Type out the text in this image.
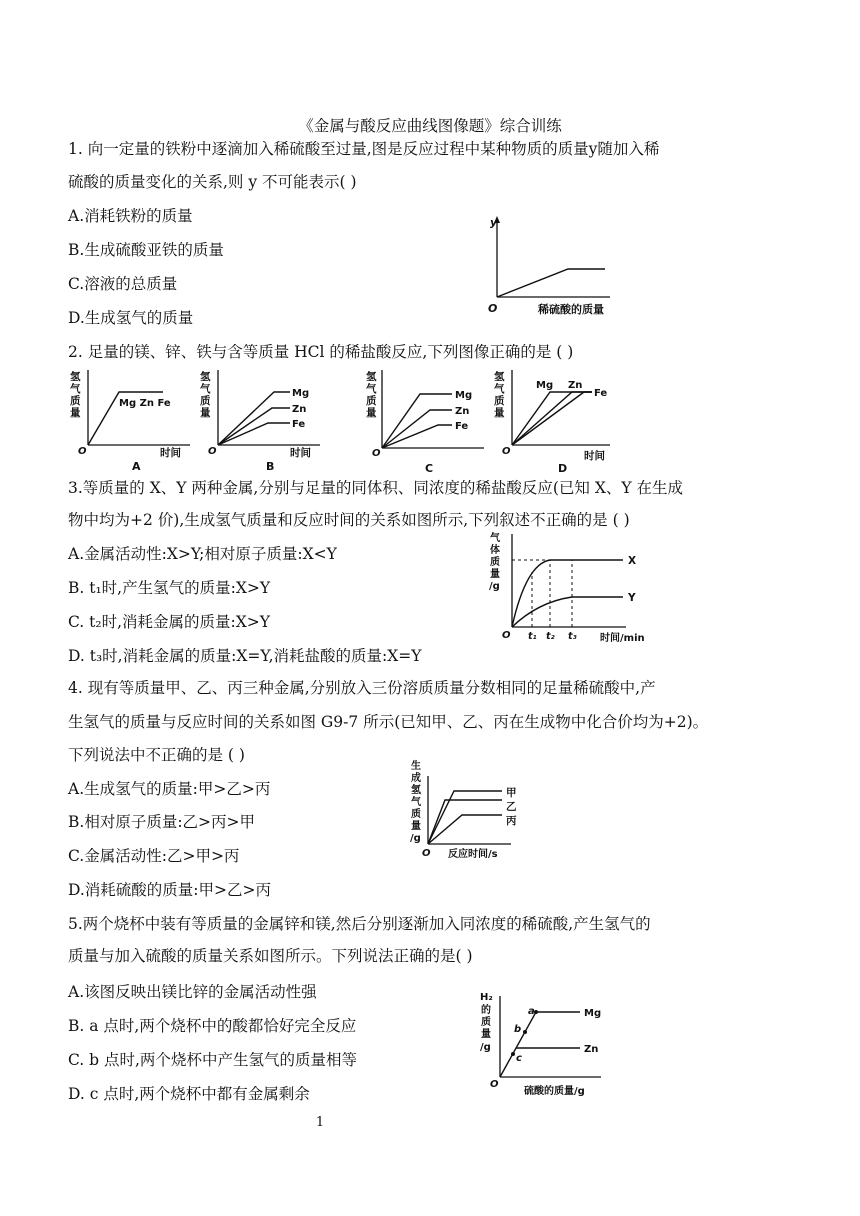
《金属与酸反应曲线图像题》综合训练
1. 向一定量的铁粉中逐滴加入稀硫酸至过量,图是反应过程中某种物质的质量y随加入稀
硫酸的质量变化的关系,则 y 不可能表示( )
A.消耗铁粉的质量
B.生成硫酸亚铁的质量
C.溶液的总质量
D.生成氢气的质量
y
O	稀硫酸的质量
2. 足量的镁、锌、铁与含等质量 HCl 的稀盐酸反应,下列图像正确的是 ( )
氢
气
质
量
Mg Zn Fe
O	时间
A
氢
气
质
量
Mg
Zn
Fe
O	时间
B
氢
气
质
量
Mg
Zn
Fe
O
C
氢
气
质
量
Mg Zn
Fe
O	时间
D
3.等质量的 X、Y 两种金属,分别与足量的同体积、同浓度的稀盐酸反应(已知 X、Y 在生成
物中均为+2 价),生成氢气质量和反应时间的关系如图所示,下列叙述不正确的是 ( )
A.金属活动性:X>Y;相对原子质量:X<Y
B. t₁时,产生氢气的质量:X>Y
C. t₂时,消耗金属的质量:X>Y
D. t₃时,消耗金属的质量:X=Y,消耗盐酸的质量:X=Y
气
体
质
量
/g
X
Y
O t₁ t₂ t₃ 时间/min
4. 现有等质量甲、乙、丙三种金属,分别放入三份溶质质量分数相同的足量稀硫酸中,产
生氢气的质量与反应时间的关系如图 G9-7 所示(已知甲、乙、丙在生成物中化合价均为+2)。
下列说法中不正确的是 ( )
A.生成氢气的质量:甲>乙>丙
B.相对原子质量:乙>丙>甲
C.金属活动性:乙>甲>丙
D.消耗硫酸的质量:甲>乙>丙
生
成
氢
气
质
量
/g
甲
乙
丙
O 反应时间/s
5.两个烧杯中装有等质量的金属锌和镁,然后分别逐渐加入同浓度的稀硫酸,产生氢气的
质量与加入硫酸的质量关系如图所示。下列说法正确的是( )
A.该图反映出镁比锌的金属活动性强
B. a 点时,两个烧杯中的酸都恰好完全反应
C. b 点时,两个烧杯中产生氢气的质量相等
D. c 点时,两个烧杯中都有金属剩余
H₂
的
质
量
/g
a
b
c
Mg
Zn
O
硫酸的质量/g
1
